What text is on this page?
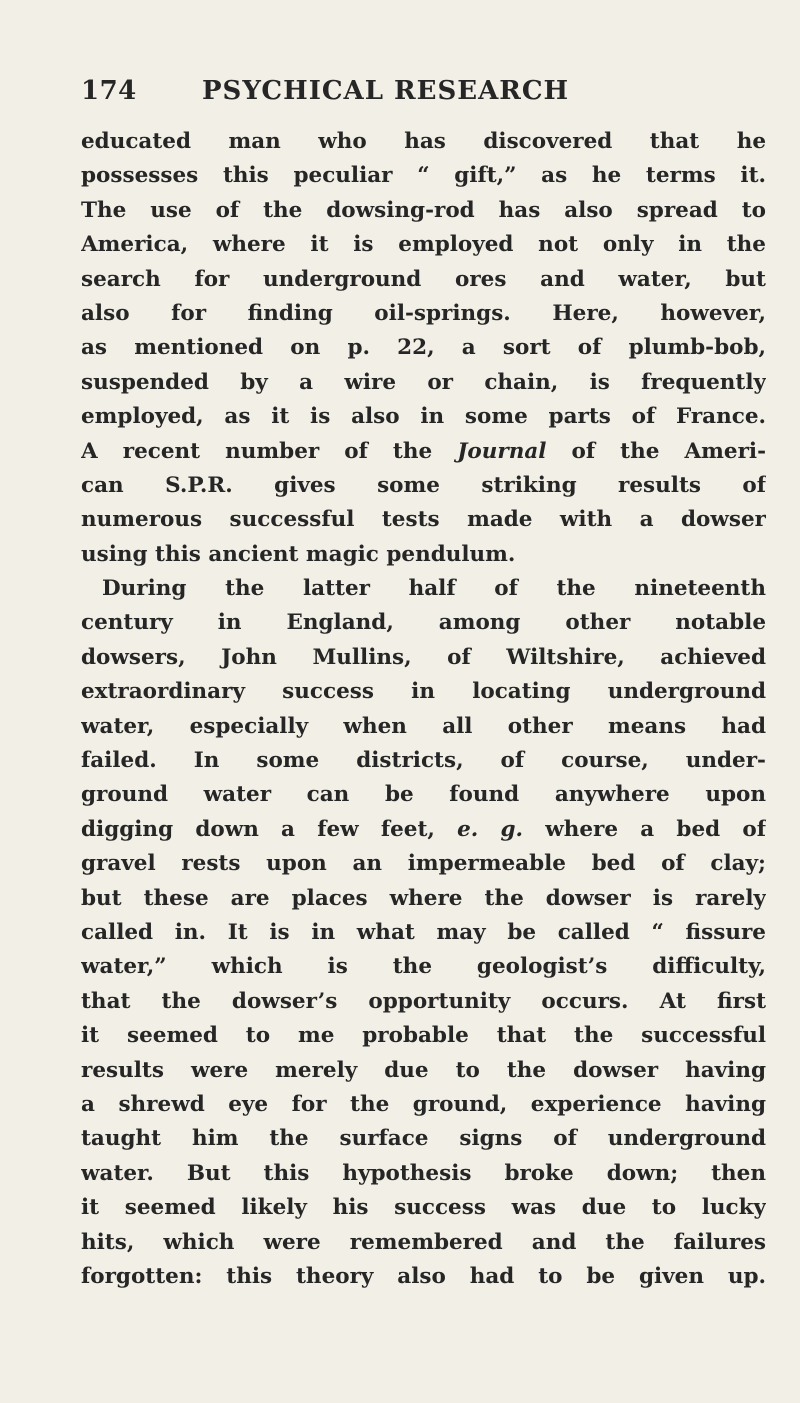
174	PSYCHICAL RESEARCH
educated man who has discovered that he
possesses this peculiar “ gift,” as he terms it.
The use of the dowsing-rod has also spread to
America, where it is employed not only in the
search for underground ores and water, but
also for finding oil-springs. Here, however,
as mentioned on p. 22, a sort of plumb-bob,
suspended by a wire or chain, is frequently
employed, as it is also in some parts of France.
A recent number of the Journal of the Ameri-
can S.P.R. gives some striking results of
numerous successful tests made with a dowser
using this ancient magic pendulum.
During the latter half of the nineteenth
century in England, among other notable
dowsers, John Mullins, of Wiltshire, achieved
extraordinary success in locating underground
water, especially when all other means had
failed. In some districts, of course, under-
ground water can be found anywhere upon
digging down a few feet, e. g. where a bed of
gravel rests upon an impermeable bed of clay;
but these are places where the dowser is rarely
called in. It is in what may be called “ fissure
water,” which is the geologist’s difficulty,
that the dowser’s opportunity occurs. At first
it seemed to me probable that the successful
results were merely due to the dowser having
a shrewd eye for the ground, experience having
taught him the surface signs of underground
water. But this hypothesis broke down; then
it seemed likely his success was due to lucky
hits, which were remembered and the failures
forgotten: this theory also had to be given up.
